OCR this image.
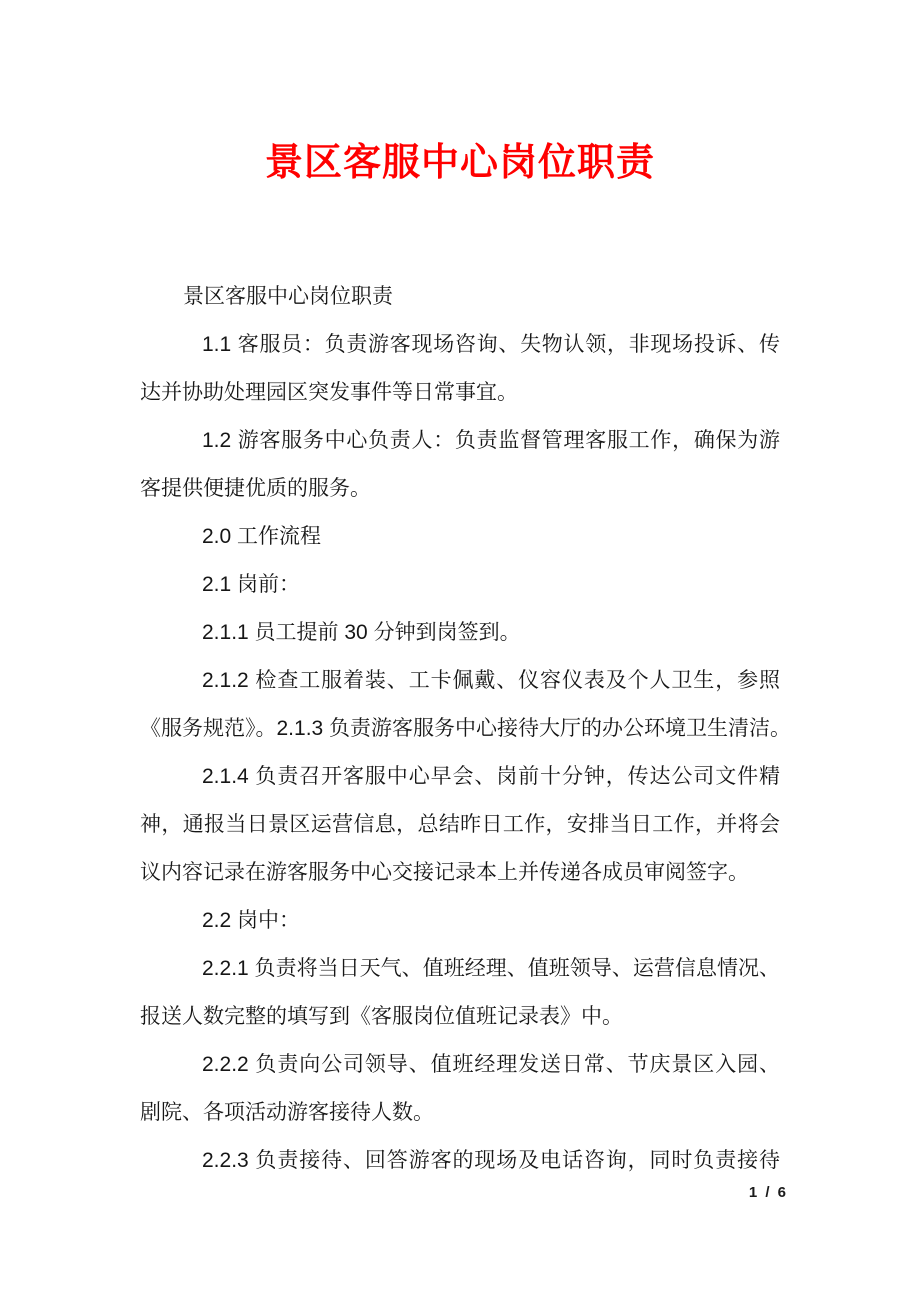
景区客服中心岗位职责
景区客服中心岗位职责
1.1 客服员：负责游客现场咨询、失物认领，非现场投诉、传
达并协助处理园区突发事件等日常事宜。
1.2 游客服务中心负责人：负责监督管理客服工作，确保为游
客提供便捷优质的服务。
2.0 工作流程
2.1 岗前：
2.1.1 员工提前 30 分钟到岗签到。
2.1.2 检查工服着装、工卡佩戴、仪容仪表及个人卫生，参照
《服务规范》。2.1.3 负责游客服务中心接待大厅的办公环境卫生清洁。
2.1.4 负责召开客服中心早会、岗前十分钟，传达公司文件精
神，通报当日景区运营信息，总结昨日工作，安排当日工作，并将会
议内容记录在游客服务中心交接记录本上并传递各成员审阅签字。
2.2 岗中：
2.2.1 负责将当日天气、值班经理、值班领导、运营信息情况、
报送人数完整的填写到《客服岗位值班记录表》中。
2.2.2 负责向公司领导、值班经理发送日常、节庆景区入园、
剧院、各项活动游客接待人数。
2.2.3 负责接待、回答游客的现场及电话咨询，同时负责接待
1 / 6
